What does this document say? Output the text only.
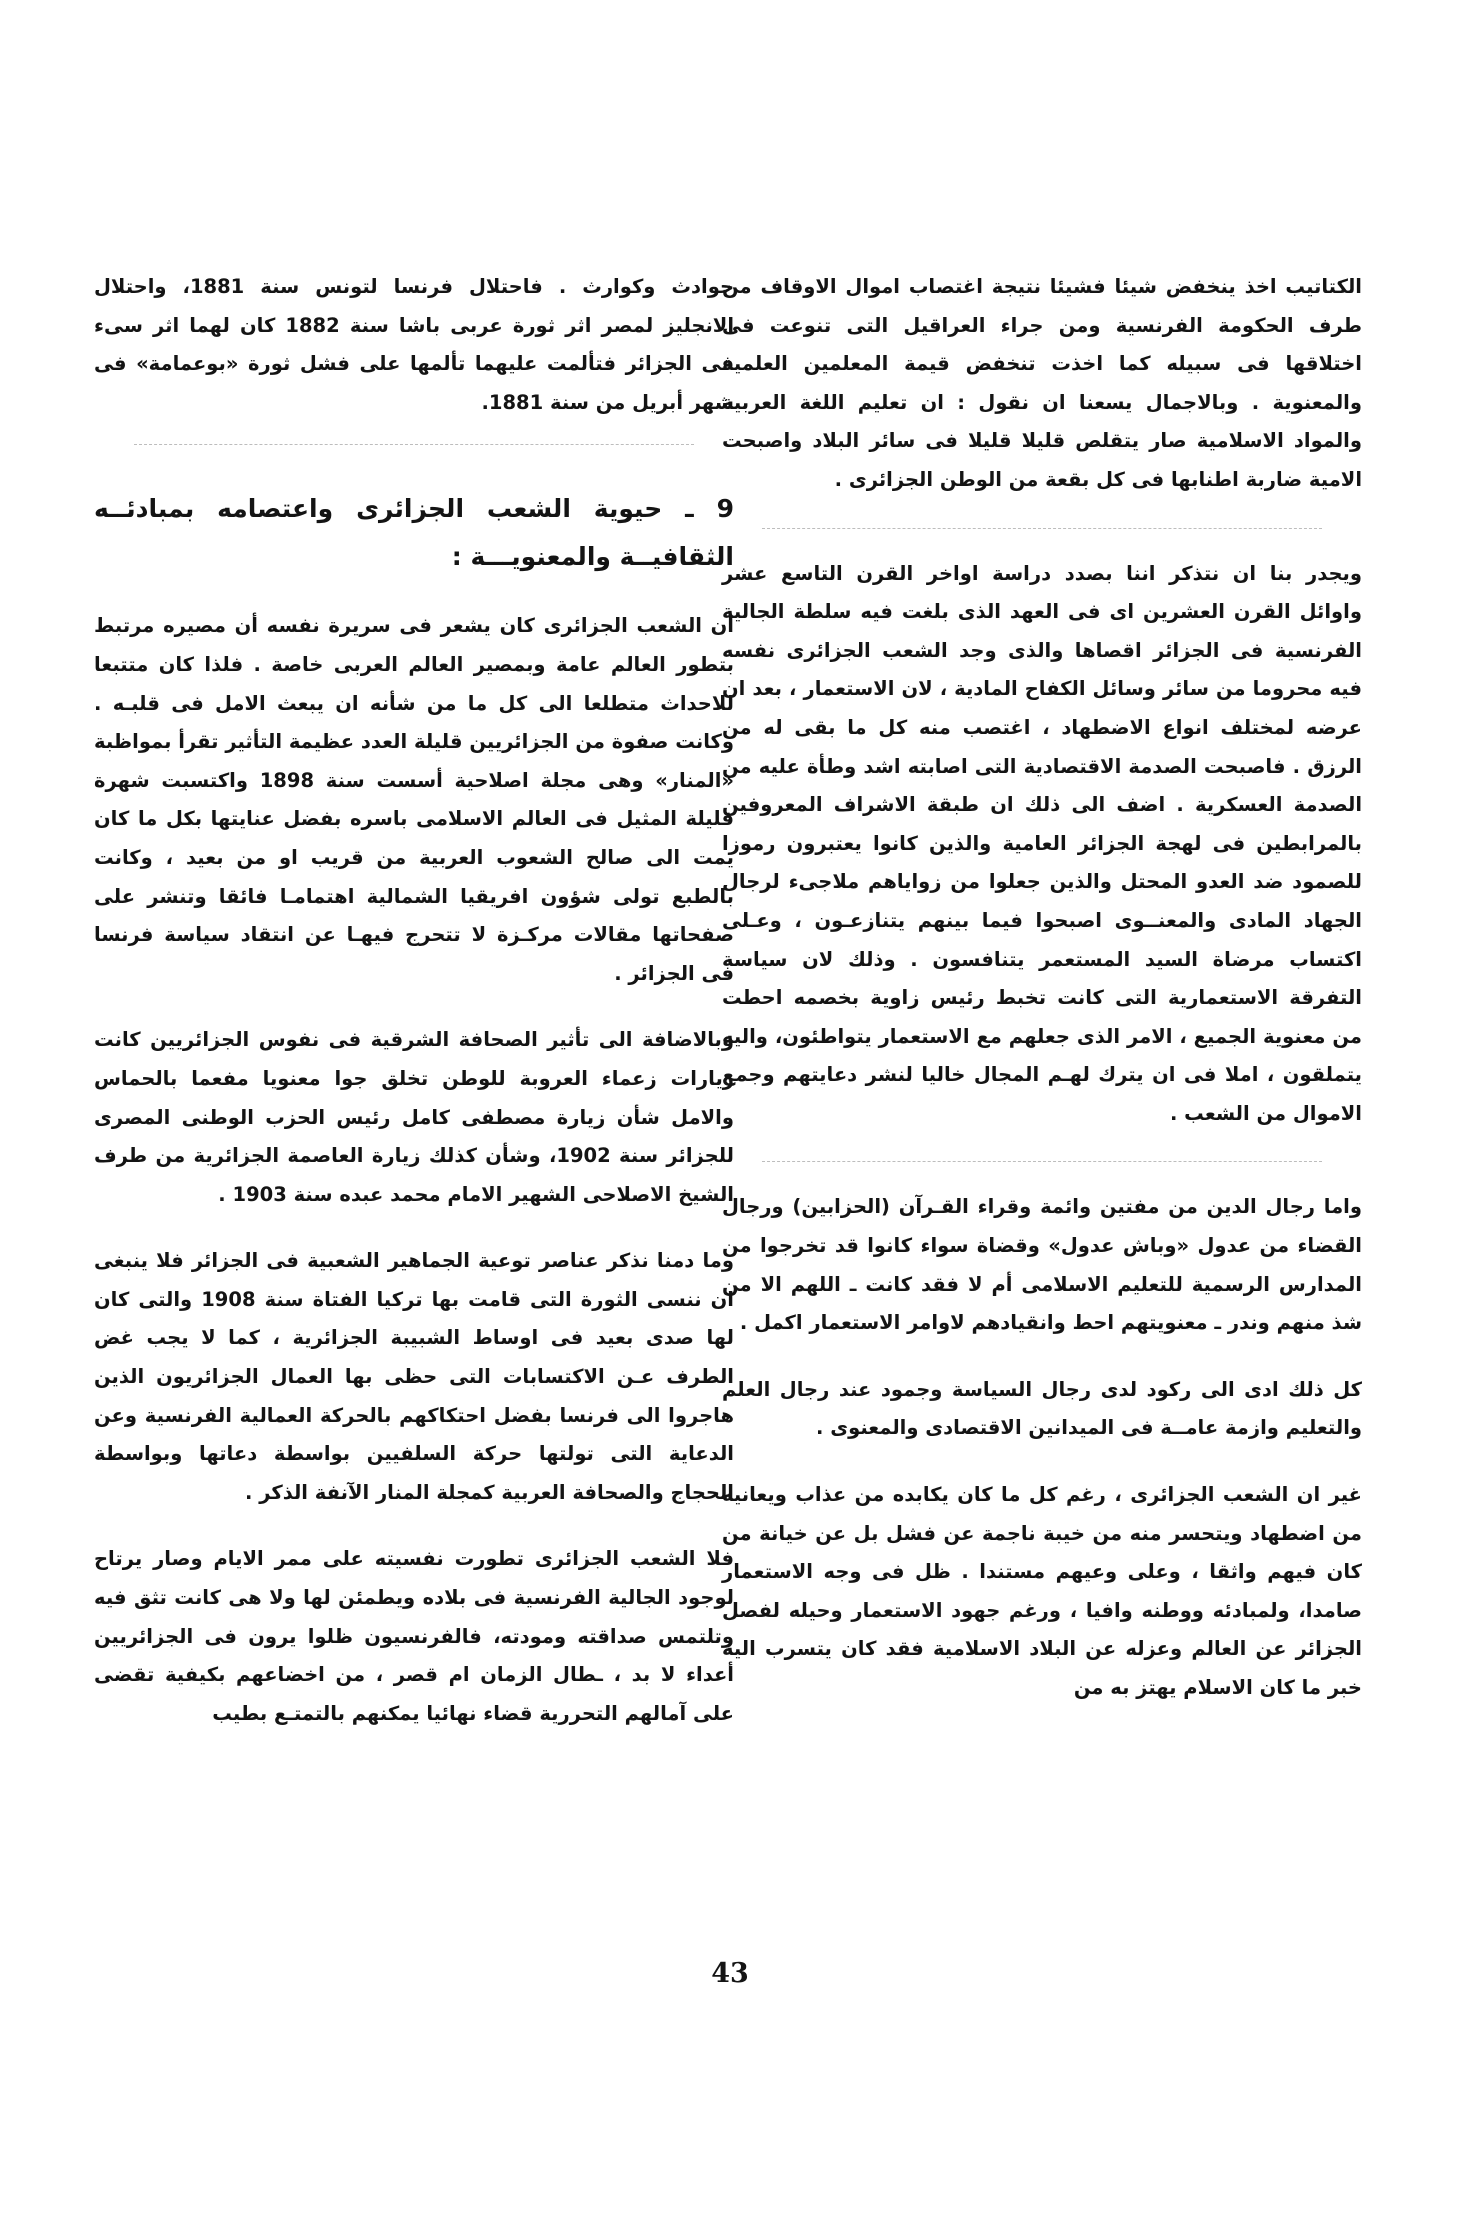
الكتاتيب اخذ ينخفض شيئا فشيئا نتيجة اغتصاب اموال الاوقاف من طرف الحكومة الفرنسية ومن جراء العراقيل التى تنوعت فى اختلاقها فى سبيله كما اخذت تنخفض قيمة المعلمين العلمية والمعنوية . وبالاجمال يسعنا ان نقول : ان تعليم اللغة العربية والمواد الاسلامية صار يتقلص قليلا قليلا فى سائر البلاد واصبحت الامية ضاربة اطنابها فى كل بقعة من الوطن الجزائرى .

ويجدر بنا ان نتذكر اننا بصدد دراسة اواخر القرن التاسع عشر واوائل القرن العشرين اى فى العهد الذى بلغت فيه سلطة الجالية الفرنسية فى الجزائر اقصاها والذى وجد الشعب الجزائرى نفسه فيه محروما من سائر وسائل الكفاح المادية ، لان الاستعمار ، بعد ان عرضه لمختلف انواع الاضطهاد ، اغتصب منه كل ما بقى له من الرزق . فاصبحت الصدمة الاقتصادية التى اصابته اشد وطأة عليه من الصدمة العسكرية . اضف الى ذلك ان طبقة الاشراف المعروفين بالمرابطين فى لهجة الجزائر العامية والذين كانوا يعتبرون رموزا للصمود ضد العدو المحتل والذين جعلوا من زواياهم ملاجىء لرجال الجهاد المادى والمعنــوى اصبحوا فيما بينهم يتنازعـون ، وعـلى اكتساب مرضاة السيد المستعمر يتنافسون . وذلك لان سياسة التفرقة الاستعمارية التى كانت تخبط رئيس زاوية بخصمه احطت من معنوية الجميع ، الامر الذى جعلهم مع الاستعمار يتواطئون، واليه يتملقون ، املا فى ان يترك لهـم المجال خاليا لنشر دعايتهم وجمع الاموال من الشعب .

واما رجال الدين من مفتين وائمة وقراء القـرآن (الحزابين) ورجال القضاء من عدول «وباش عدول» وقضاة سواء كانوا قد تخرجوا من المدارس الرسمية للتعليم الاسلامى أم لا فقد كانت ـ اللهم الا من شذ منهم وندر ـ معنويتهم احط وانقيادهم لاوامر الاستعمار اكمل .

كل ذلك ادى الى ركود لدى رجال السياسة وجمود عند رجال العلم والتعليم وازمة عامــة فى الميدانين الاقتصادى والمعنوى .

غير ان الشعب الجزائرى ، رغم كل ما كان يكابده من عذاب ويعانيه من اضطهاد ويتحسر منه من خيبة ناجمة عن فشل بل عن خيانة من كان فيهم واثقا ، وعلى وعيهم مستندا . ظل فى وجه الاستعمار صامدا، ولمبادئه ووطنه وافيا ، ورغم جهود الاستعمار وحيله لفصل الجزائر عن العالم وعزله عن البلاد الاسلامية فقد كان يتسرب اليه خبر ما كان الاسلام يهتز به من

حوادث وكوارث . فاحتلال فرنسا لتونس سنة 1881، واحتلال الانجليز لمصر اثر ثورة عربى باشا سنة 1882 كان لهما اثر سىء فى الجزائر فتألمت عليهما تألمها على فشل ثورة «بوعمامة» فى شهر أبريل من سنة 1881.

9 ـ حيوية الشعب الجزائرى واعتصامه بمبادئــه الثقافيــة والمعنويـــة :

ان الشعب الجزائرى كان يشعر فى سريرة نفسه أن مصيره مرتبط بتطور العالم عامة وبمصير العالم العربى خاصة . فلذا كان متتبعا للاحداث متطلعا الى كل ما من شأنه ان يبعث الامل فى قلبـه . وكانت صفوة من الجزائريين قليلة العدد عظيمة التأثير تقرأ بمواظبة «المنار» وهى مجلة اصلاحية أسست سنة 1898 واكتسبت شهرة قليلة المثيل فى العالم الاسلامى باسره بفضل عنايتها بكل ما كان يمت الى صالح الشعوب العربية من قريب او من بعيد ، وكانت بالطبع تولى شؤون افريقيا الشمالية اهتمامـا فائقا وتنشر على صفحاتها مقالات مركـزة لا تتحرج فيهـا عن انتقاد سياسة فرنسا فى الجزائر .

وبالاضافة الى تأثير الصحافة الشرقية فى نفوس الجزائريين كانت زيارات زعماء العروبة للوطن تخلق جوا معنويا مفعما بالحماس والامل شأن زيارة مصطفى كامل رئيس الحزب الوطنى المصرى للجزائر سنة 1902، وشأن كذلك زيارة العاصمة الجزائرية من طرف الشيخ الاصلاحى الشهير الامام محمد عبده سنة 1903 .

وما دمنا نذكر عناصر توعية الجماهير الشعبية فى الجزائر فلا ينبغى ان ننسى الثورة التى قامت بها تركيا الفتاة سنة 1908 والتى كان لها صدى بعيد فى اوساط الشبيبة الجزائرية ، كما لا يجب غض الطرف عـن الاكتسابات التى حظى بها العمال الجزائريون الذين هاجروا الى فرنسا بفضل احتكاكهم بالحركة العمالية الفرنسية وعن الدعاية التى تولتها حركة السلفيين بواسطة دعاتها وبواسطة الحجاج والصحافة العربية كمجلة المنار الآنفة الذكر .

فلا الشعب الجزائرى تطورت نفسيته على ممر الايام وصار يرتاح لوجود الجالية الفرنسية فى بلاده ويطمئن لها ولا هى كانت تثق فيه وتلتمس صداقته ومودته، فالفرنسيون ظلوا يرون فى الجزائريين أعداء لا بد ، ـطال الزمان ام قصر ، من اخضاعهم بكيفية تقضى على آمالهم التحررية قضاء نهائيا يمكنهم بالتمتـع بطيب

43
